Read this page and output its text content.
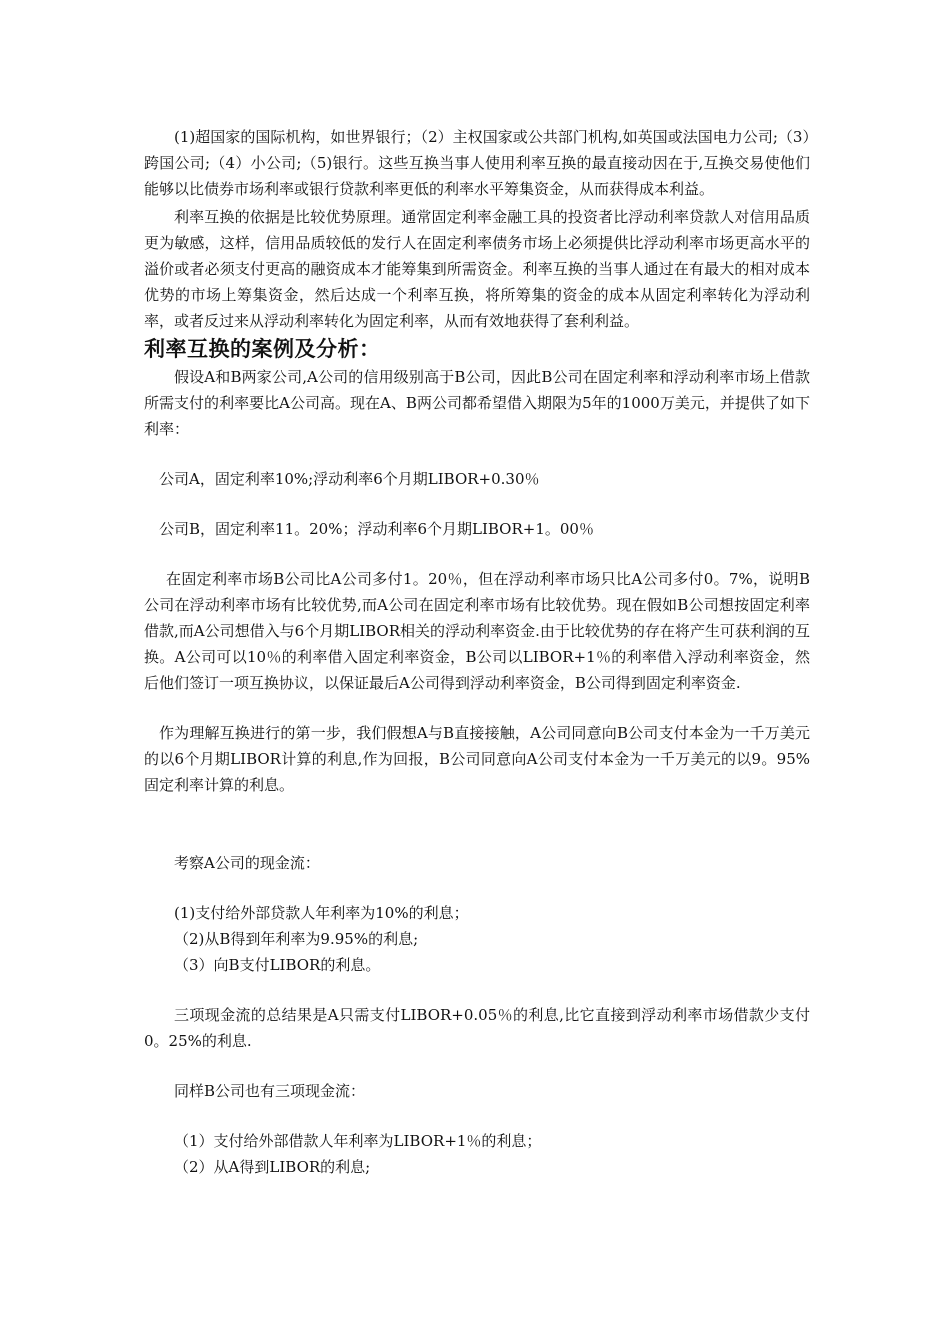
(1)超国家的国际机构，如世界银行；（2）主权国家或公共部门机构,如英国或法国电力公司;（3）跨国公司;（4）小公司;（5)银行。这些互换当事人使用利率互换的最直接动因在于,互换交易使他们能够以比债券市场利率或银行贷款利率更低的利率水平筹集资金，从而获得成本利益。

利率互换的依据是比较优势原理。通常固定利率金融工具的投资者比浮动利率贷款人对信用品质更为敏感，这样，信用品质较低的发行人在固定利率债务市场上必须提供比浮动利率市场更高水平的溢价或者必须支付更高的融资成本才能筹集到所需资金。利率互换的当事人通过在有最大的相对成本优势的市场上筹集资金，然后达成一个利率互换，将所筹集的资金的成本从固定利率转化为浮动利率，或者反过来从浮动利率转化为固定利率，从而有效地获得了套利利益。

利率互换的案例及分析：

假设A和B两家公司,A公司的信用级别高于B公司，因此B公司在固定利率和浮动利率市场上借款所需支付的利率要比A公司高。现在A、B两公司都希望借入期限为5年的1000万美元，并提供了如下利率：

公司A，固定利率10%;浮动利率6个月期LIBOR+0.30％

公司B，固定利率11。20%；浮动利率6个月期LIBOR+1。00％

在固定利率市场B公司比A公司多付1。20％，但在浮动利率市场只比A公司多付0。7%，说明B公司在浮动利率市场有比较优势,而A公司在固定利率市场有比较优势。现在假如B公司想按固定利率借款,而A公司想借入与6个月期LIBOR相关的浮动利率资金.由于比较优势的存在将产生可获利润的互换。A公司可以10％的利率借入固定利率资金，B公司以LIBOR+1％的利率借入浮动利率资金，然后他们签订一项互换协议，以保证最后A公司得到浮动利率资金，B公司得到固定利率资金.

作为理解互换进行的第一步，我们假想A与B直接接触，A公司同意向B公司支付本金为一千万美元的以6个月期LIBOR计算的利息,作为回报，B公司同意向A公司支付本金为一千万美元的以9。95%固定利率计算的利息。

考察A公司的现金流：

(1)支付给外部贷款人年利率为10%的利息；

（2)从B得到年利率为9.95%的利息;

（3）向B支付LIBOR的利息。

三项现金流的总结果是A只需支付LIBOR+0.05％的利息,比它直接到浮动利率市场借款少支付0。25%的利息.

同样B公司也有三项现金流：

（1）支付给外部借款人年利率为LIBOR+1％的利息；

（2）从A得到LIBOR的利息;
